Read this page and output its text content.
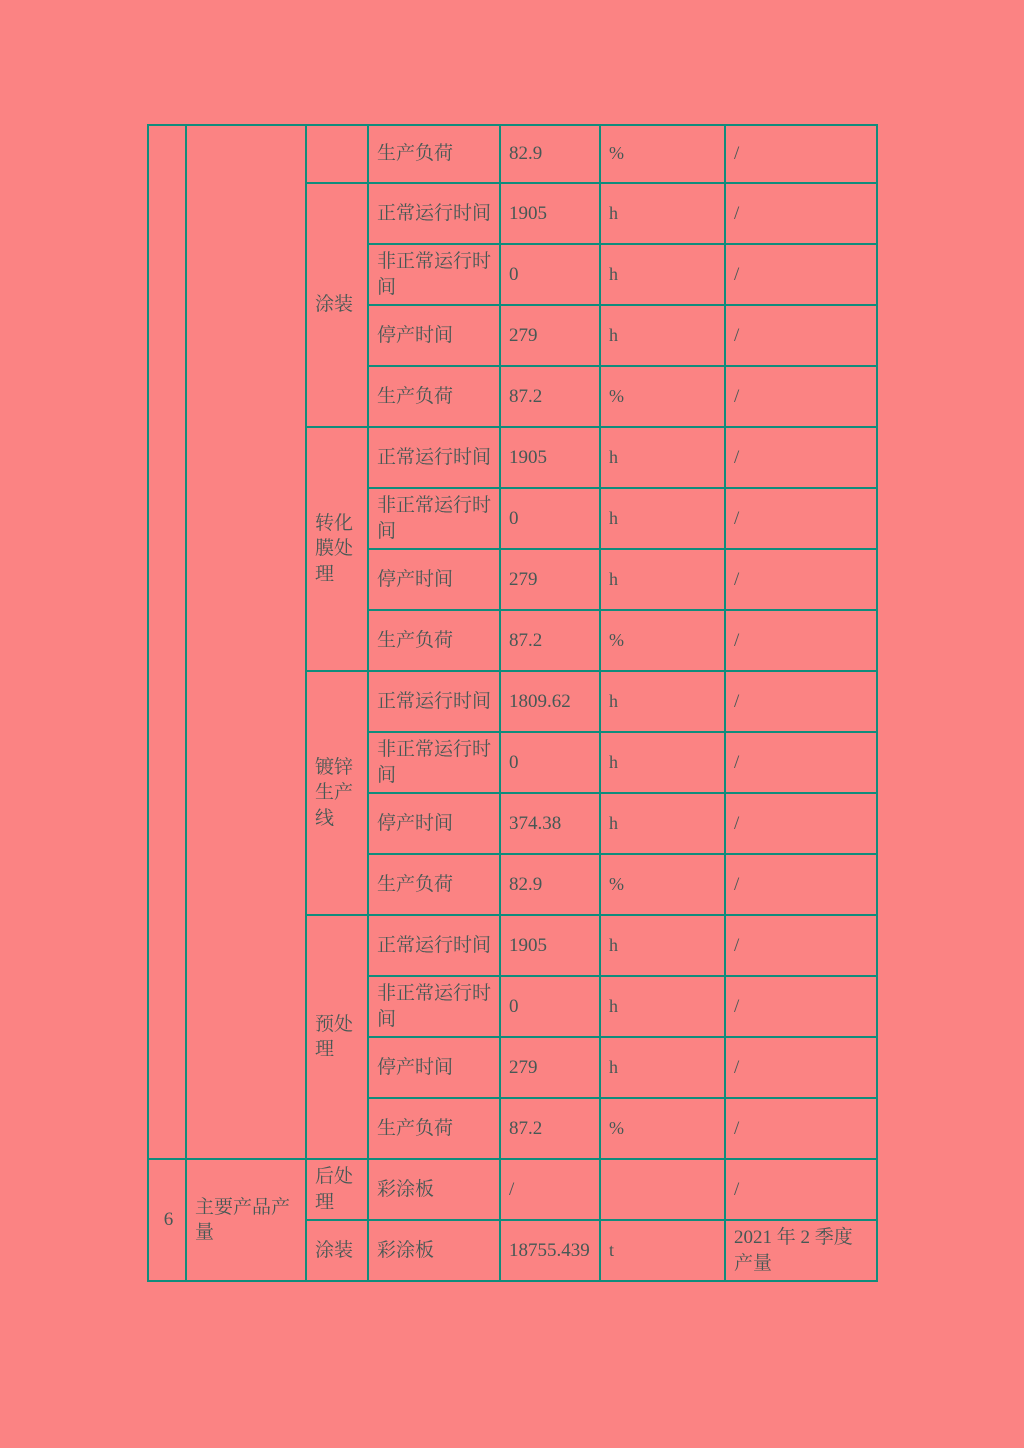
			生产负荷	82.9	%	/
		涂装	正常运行时间	1905	h	/
			非正常运行时间	0	h	/
			停产时间	279	h	/
			生产负荷	87.2	%	/
		转化膜处理	正常运行时间	1905	h	/
			非正常运行时间	0	h	/
			停产时间	279	h	/
			生产负荷	87.2	%	/
		镀锌生产线	正常运行时间	1809.62	h	/
			非正常运行时间	0	h	/
			停产时间	374.38	h	/
			生产负荷	82.9	%	/
		预处理	正常运行时间	1905	h	/
			非正常运行时间	0	h	/
			停产时间	279	h	/
			生产负荷	87.2	%	/
6	主要产品产量	后处理	彩涂板	/		/
		涂装	彩涂板	18755.439	t	2021 年 2 季度产量
